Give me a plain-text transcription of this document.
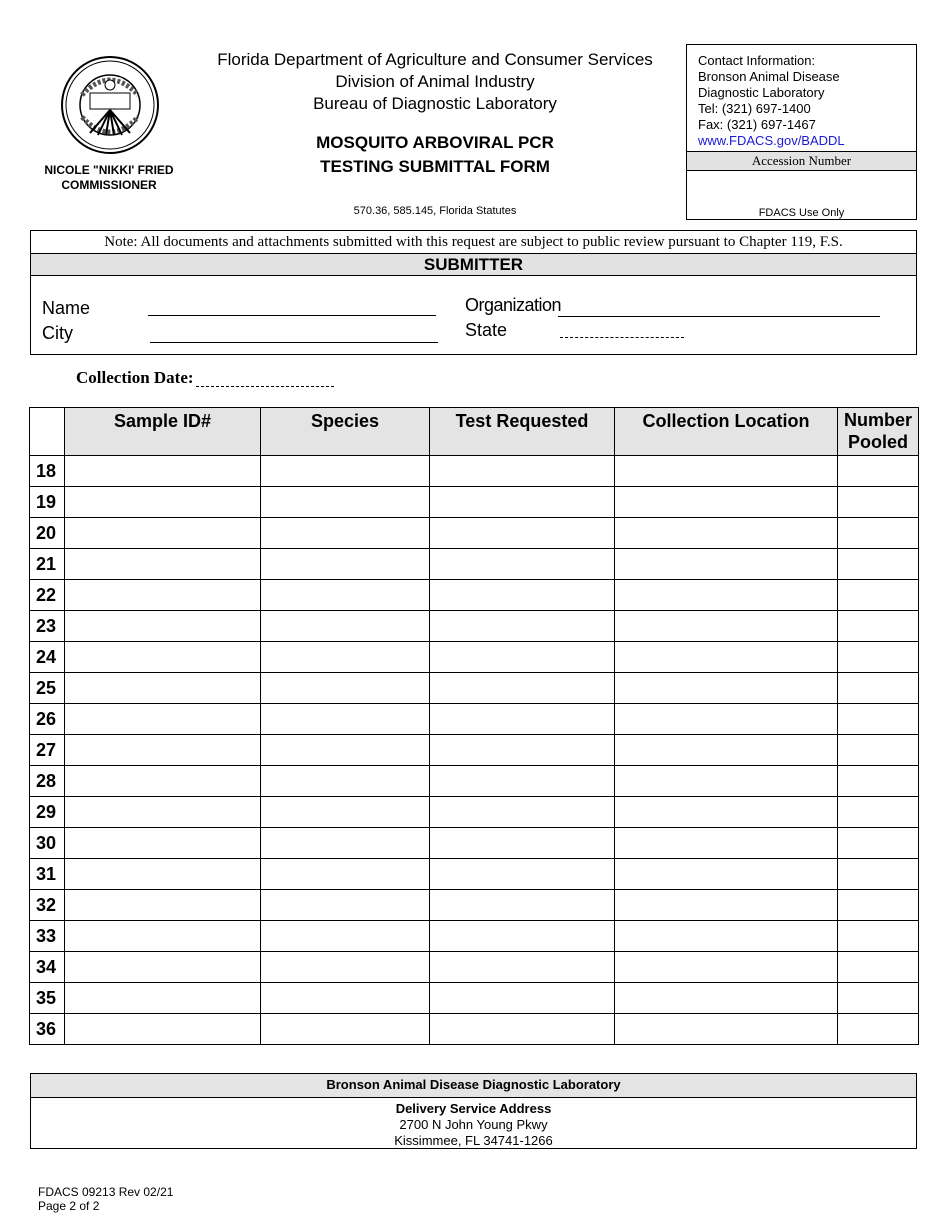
NICOLE "NIKKI' FRIED
COMMISSIONER
Florida Department of Agriculture and Consumer Services
Division of Animal Industry
Bureau of Diagnostic Laboratory
MOSQUITO ARBOVIRAL PCR
TESTING SUBMITTAL FORM
570.36, 585.145, Florida Statutes
Contact Information:
Bronson Animal Disease
Diagnostic Laboratory
Tel: (321) 697-1400
Fax: (321) 697-1467
www.FDACS.gov/BADDL
Accession Number
FDACS Use Only
Note: All documents and attachments submitted with this request are subject to public review pursuant to Chapter 119, F.S.
SUBMITTER
Name
City
Organization
State
Collection Date:
	Sample ID#	Species	Test Requested	Collection Location	Number Pooled
18					
19					
20					
21					
22					
23					
24					
25					
26					
27					
28					
29					
30					
31					
32					
33					
34					
35					
36					
Bronson Animal Disease Diagnostic Laboratory
Delivery Service Address
2700 N John Young Pkwy
Kissimmee, FL 34741-1266
FDACS 09213 Rev 02/21
Page 2 of 2
